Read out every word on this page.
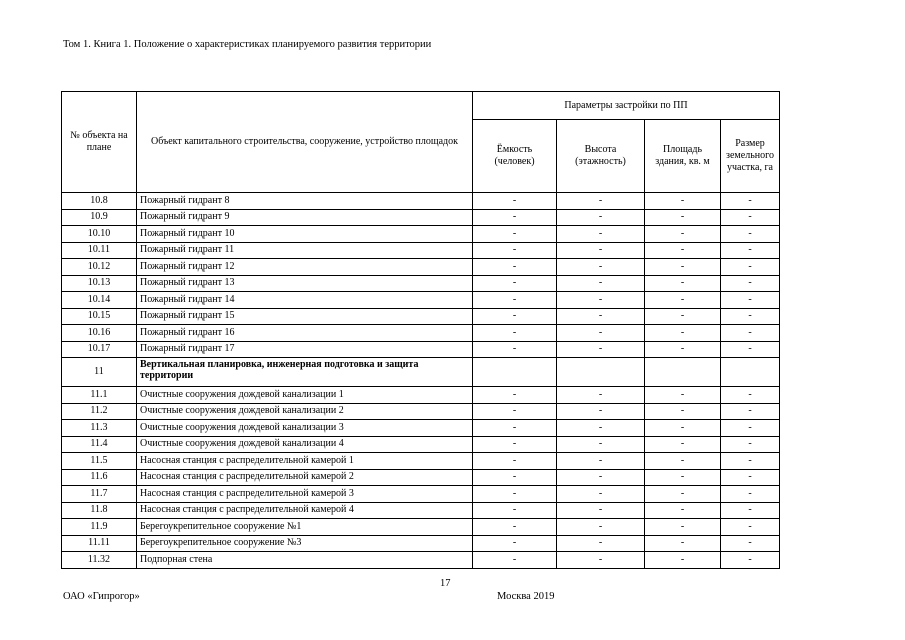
Том 1. Книга 1. Положение о характеристиках планируемого развития территории
№ объекта на плане	Объект капитального строительства, сооружение, устройство площадок	Параметры застройки по ПП			
		Ёмкость (человек)	Высота (этажность)	Площадь здания, кв. м	Размер земельного участка, га
10.8	Пожарный гидрант 8	-	-	-	-
10.9	Пожарный гидрант 9	-	-	-	-
10.10	Пожарный гидрант 10	-	-	-	-
10.11	Пожарный гидрант 11	-	-	-	-
10.12	Пожарный гидрант 12	-	-	-	-
10.13	Пожарный гидрант 13	-	-	-	-
10.14	Пожарный гидрант 14	-	-	-	-
10.15	Пожарный гидрант 15	-	-	-	-
10.16	Пожарный гидрант 16	-	-	-	-
10.17	Пожарный гидрант 17	-	-	-	-
11	Вертикальная планировка, инженерная подготовка и защита территории				
11.1	Очистные сооружения дождевой канализации 1	-	-	-	-
11.2	Очистные сооружения дождевой канализации 2	-	-	-	-
11.3	Очистные сооружения дождевой канализации 3	-	-	-	-
11.4	Очистные сооружения дождевой канализации 4	-	-	-	-
11.5	Насосная станция с распределительной камерой 1	-	-	-	-
11.6	Насосная станция с распределительной камерой 2	-	-	-	-
11.7	Насосная станция с распределительной камерой 3	-	-	-	-
11.8	Насосная станция с распределительной камерой 4	-	-	-	-
11.9	Берегоукрепительное сооружение №1	-	-	-	-
11.11	Берегоукрепительное сооружение №3	-	-	-	-
11.32	Подпорная стена	-	-	-	-
17
ОАО «Гипрогор»	Москва 2019
